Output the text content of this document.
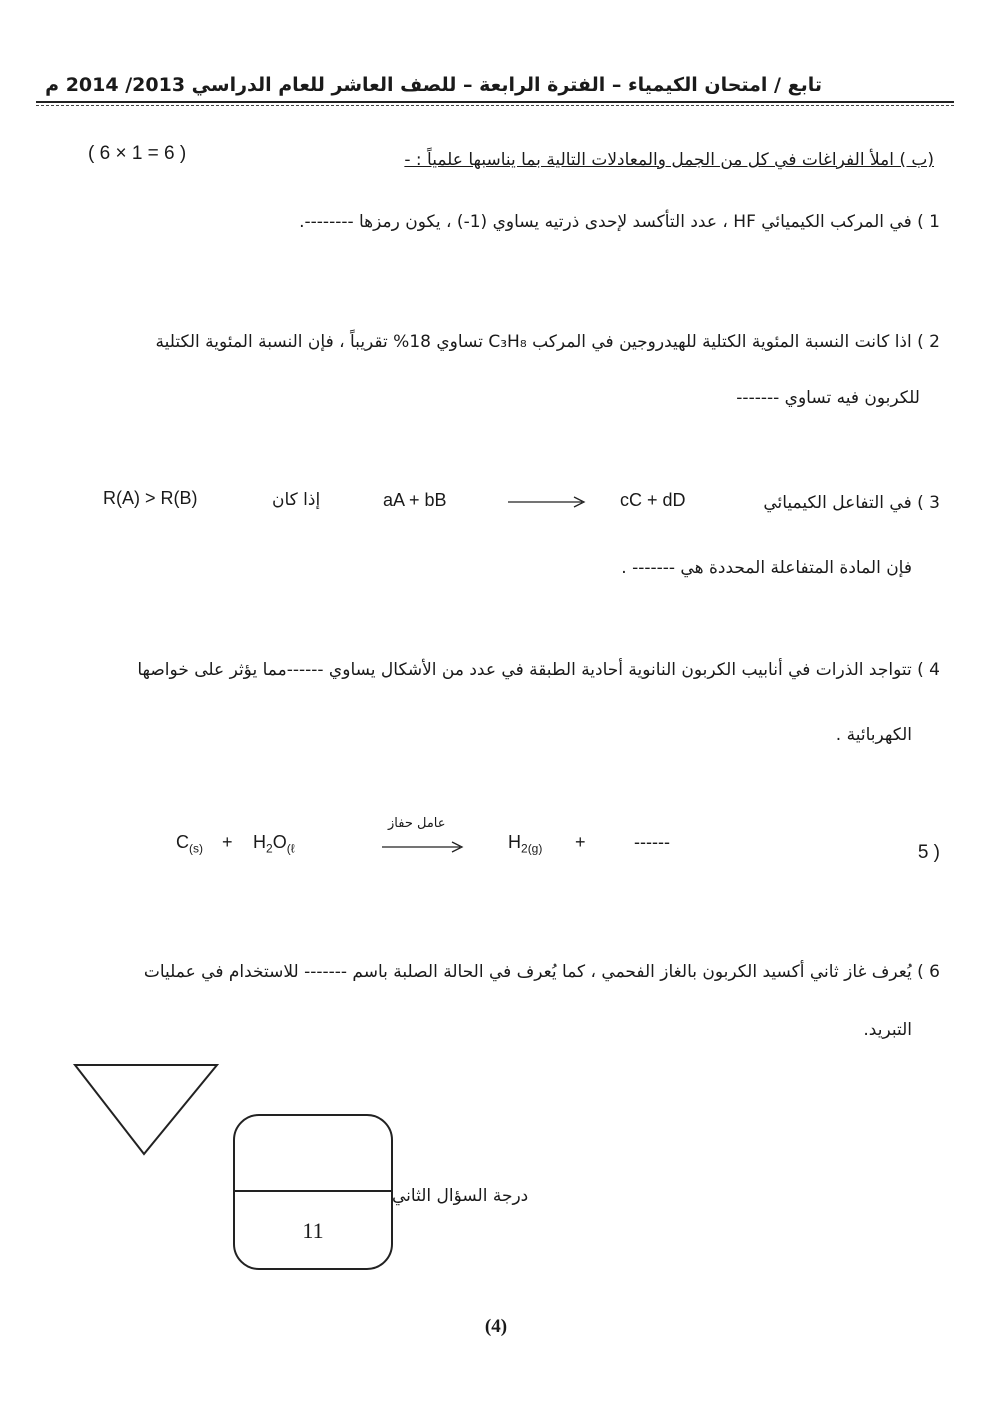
تابع / امتحان الكيمياء – الفترة الرابعة – للصف العاشر للعام الدراسي 2013/ 2014 م
(ب ) املأ الفراغات في كل من الجمل والمعادلات التالية بما يناسبها علمياً : -
( 6 × 1 = 6 )
1 ) في المركب الكيميائي HF ، عدد التأكسد لإحدى ذرتيه يساوي (1-) ، يكون رمزها --------.
2 ) اذا كانت النسبة المئوية الكتلية للهيدروجين في المركب C₃H₈ تساوي 18% تقريباً ، فإن النسبة المئوية الكتلية
للكربون فيه تساوي -------
3 ) في التفاعل الكيميائي
cC + dD
aA + bB
إذا كان
R(A) > R(B)
فإن المادة المتفاعلة المحددة هي ------- .
4 ) تتواجد الذرات في أنابيب الكربون النانوية أحادية الطبقة في عدد من الأشكال يساوي ------مما يؤثر على خواصها
الكهربائية .
( 5
$C_{(s)} + H_2O_{(\ell}$
عامل حفاز
$H_{2(g)}$ +	------
6 ) يُعرف غاز ثاني أكسيد الكربون بالغاز الفحمي ، كما يُعرف في الحالة الصلبة باسم ------- للاستخدام في عمليات
التبريد.
11
درجة السؤال الثاني
(4)
